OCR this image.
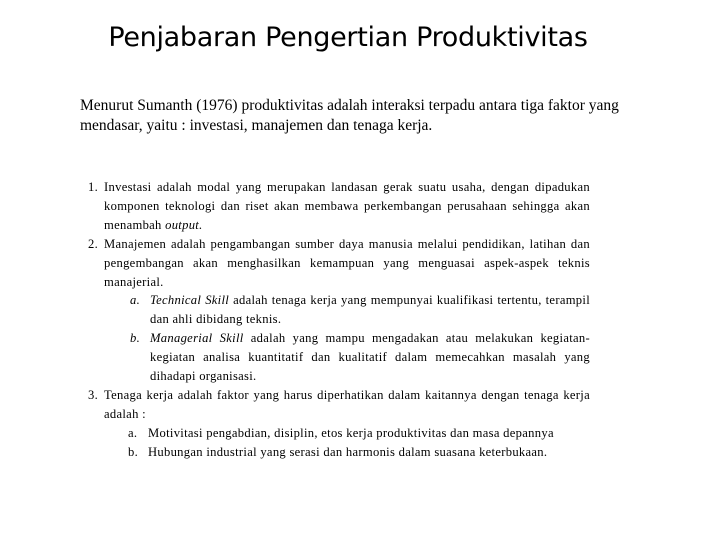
Penjabaran Pengertian Produktivitas
Menurut Sumanth (1976) produktivitas adalah interaksi terpadu antara tiga faktor yang mendasar, yaitu : investasi, manajemen dan tenaga kerja.
1. Investasi adalah modal yang merupakan landasan gerak suatu usaha, dengan dipadukan komponen teknologi dan riset akan membawa perkembangan perusahaan sehingga akan menambah output.
2. Manajemen adalah pengambangan sumber daya manusia melalui pendidikan, latihan dan pengembangan akan menghasilkan kemampuan yang menguasai aspek-aspek teknis manajerial.
a. Technical Skill adalah tenaga kerja yang mempunyai kualifikasi tertentu, terampil dan ahli dibidang teknis.
b. Managerial Skill adalah yang mampu mengadakan atau melakukan kegiatan-kegiatan analisa kuantitatif dan kualitatif dalam memecahkan masalah yang dihadapi organisasi.
3. Tenaga kerja adalah faktor yang harus diperhatikan dalam kaitannya dengan tenaga kerja adalah :
a. Motivitasi pengabdian, disiplin, etos kerja produktivitas dan masa depannya
b. Hubungan industrial yang serasi dan harmonis dalam suasana keterbukaan.
